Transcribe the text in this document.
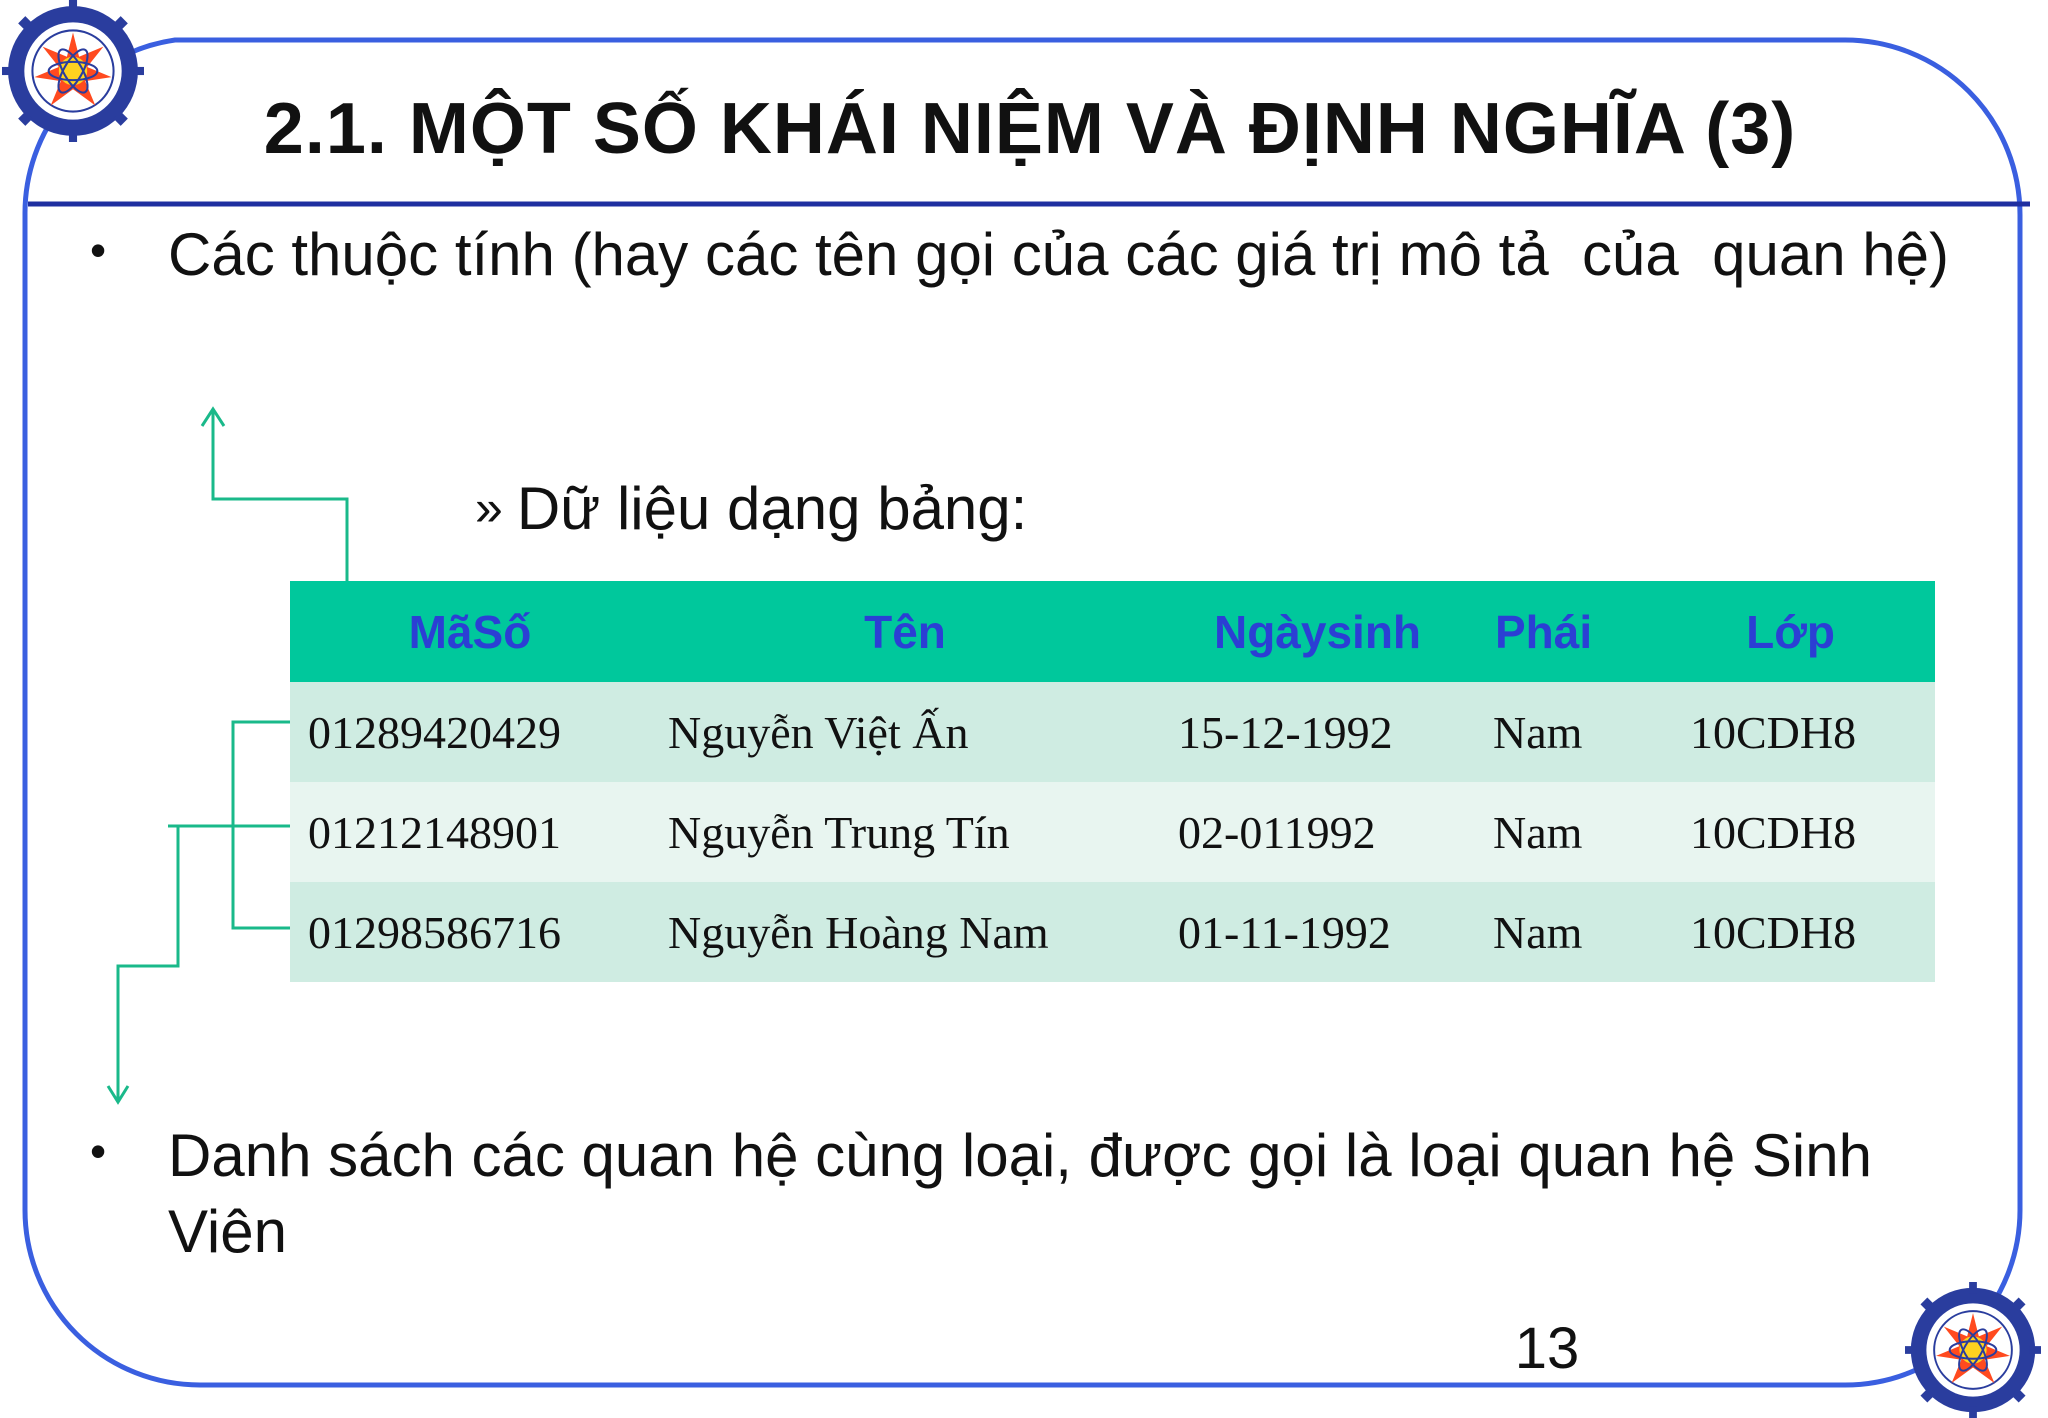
2.1. MỘT SỐ KHÁI NIỆM VÀ ĐỊNH NGHĨA (3)
• Các thuộc tính (hay các tên gọi của các giá trị mô tả  của  quan hệ)
» Dữ liệu dạng bảng:
MãSố	Tên	Ngàysinh	Phái	Lớp
01289420429	Nguyễn Việt Ấn	15-12-1992	Nam	10CDH8
01212148901	Nguyễn Trung Tín	02-011992	Nam	10CDH8
01298586716	Nguyễn Hoàng Nam	01-11-1992	Nam	10CDH8
• Danh sách các quan hệ cùng loại, được gọi là loại quan hệ Sinh Viên
13
